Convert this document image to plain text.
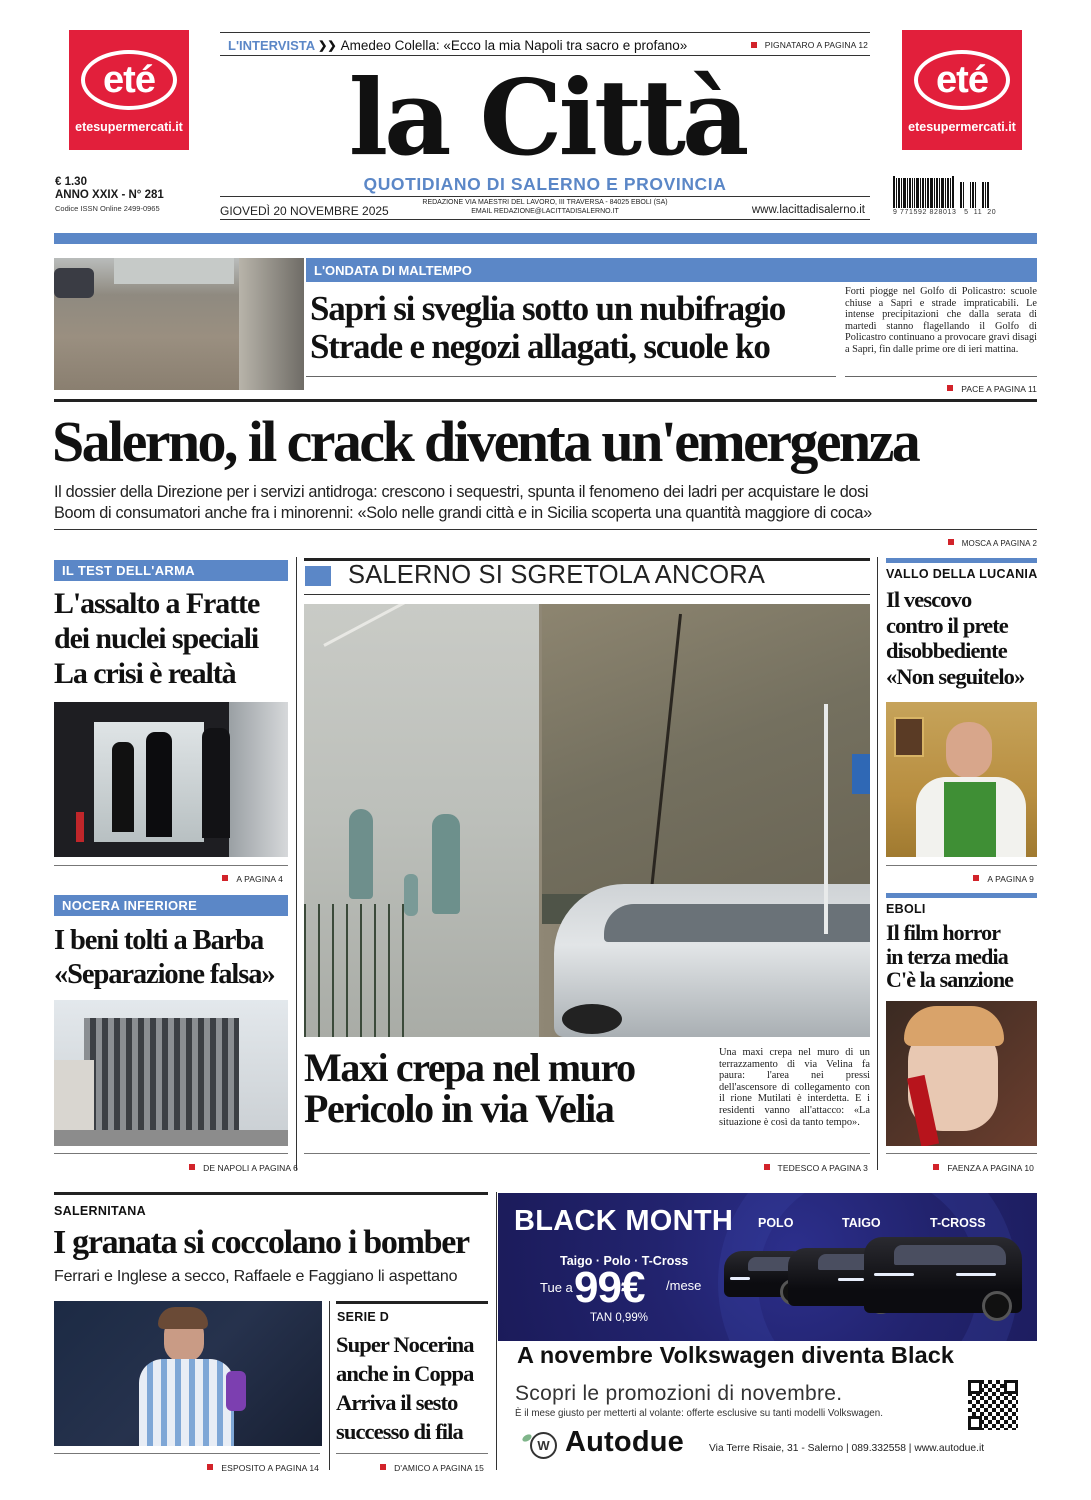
eté
etesupermercati.it
eté
etesupermercati.it
L'INTERVISTA ❯❯ Amedeo Colella: «Ecco la mia Napoli tra sacro e profano»	PIGNATARO A PAGINA 12
la Città
QUOTIDIANO DI SALERNO E PROVINCIA
GIOVEDÌ 20 NOVEMBRE 2025
REDAZIONE VIA MAESTRI DEL LAVORO, III TRAVERSA - 84025 EBOLI (SA)
EMAIL REDAZIONE@LACITTADISALERNO.IT	www.lacittadisalerno.it
€ 1.30
ANNO XXIX - N° 281
Codice ISSN Online 2499-0965	9 771592 828013   5  11  20
L'ONDATA DI MALTEMPO
Sapri si sveglia sotto un nubifragio
Strade e negozi allagati, scuole ko
Forti piogge nel Golfo di Policastro: scuole chiuse a Sapri e strade impraticabili. Le intense precipitazioni che dalla serata di martedì stanno flagellando il Golfo di Policastro continuano a provocare gravi disagi a Sapri, fin dalle prime ore di ieri mattina.
PACE A PAGINA 11
Salerno, il crack diventa un'emergenza
Il dossier della Direzione per i servizi antidroga: crescono i sequestri, spunta il fenomeno dei ladri per acquistare le dosi
Boom di consumatori anche fra i minorenni: «Solo nelle grandi città e in Sicilia scoperta una quantità maggiore di coca»
MOSCA A PAGINA 2
IL TEST DELL'ARMA
L'assalto a Fratte
dei nuclei speciali
La crisi è realtà
A PAGINA 4
NOCERA INFERIORE
I beni tolti a Barba
«Separazione falsa»
DE NAPOLI A PAGINA 6
SALERNO SI SGRETOLA ANCORA
Maxi crepa nel muro
Pericolo in via Velia
Una maxi crepa nel muro di un terrazzamento di via Velina fa paura: l'area nei pressi dell'ascensore di collegamento con il rione Mutilati è interdetta. E i residenti vanno all'attacco: «La situazione è così da tanto tempo».
TEDESCO A PAGINA 3
VALLO DELLA LUCANIA
Il vescovo
contro il prete
disobbediente
«Non seguitelo»
A PAGINA 9
EBOLI
Il film horror
in terza media
C'è la sanzione
FAENZA A PAGINA 10
SALERNITANA
I granata si coccolano i bomber
Ferrari e Inglese a secco, Raffaele e Faggiano li aspettano
ESPOSITO A PAGINA 14
SERIE D
Super Nocerina
anche in Coppa
Arriva il sesto
successo di fila
D'AMICO A PAGINA 15
BLACK MONTH POLO	TAIGO	T-CROSS
Taigo · Polo · T-Cross
Tue a 99€ /mese
TAN 0,99%
A novembre Volkswagen diventa Black
Scopri le promozioni di novembre.
È il mese giusto per metterti al volante: offerte esclusive su tanti modelli Volkswagen.
W Autodue Via Terre Risaie, 31 - Salerno | 089.332558 | www.autodue.it
